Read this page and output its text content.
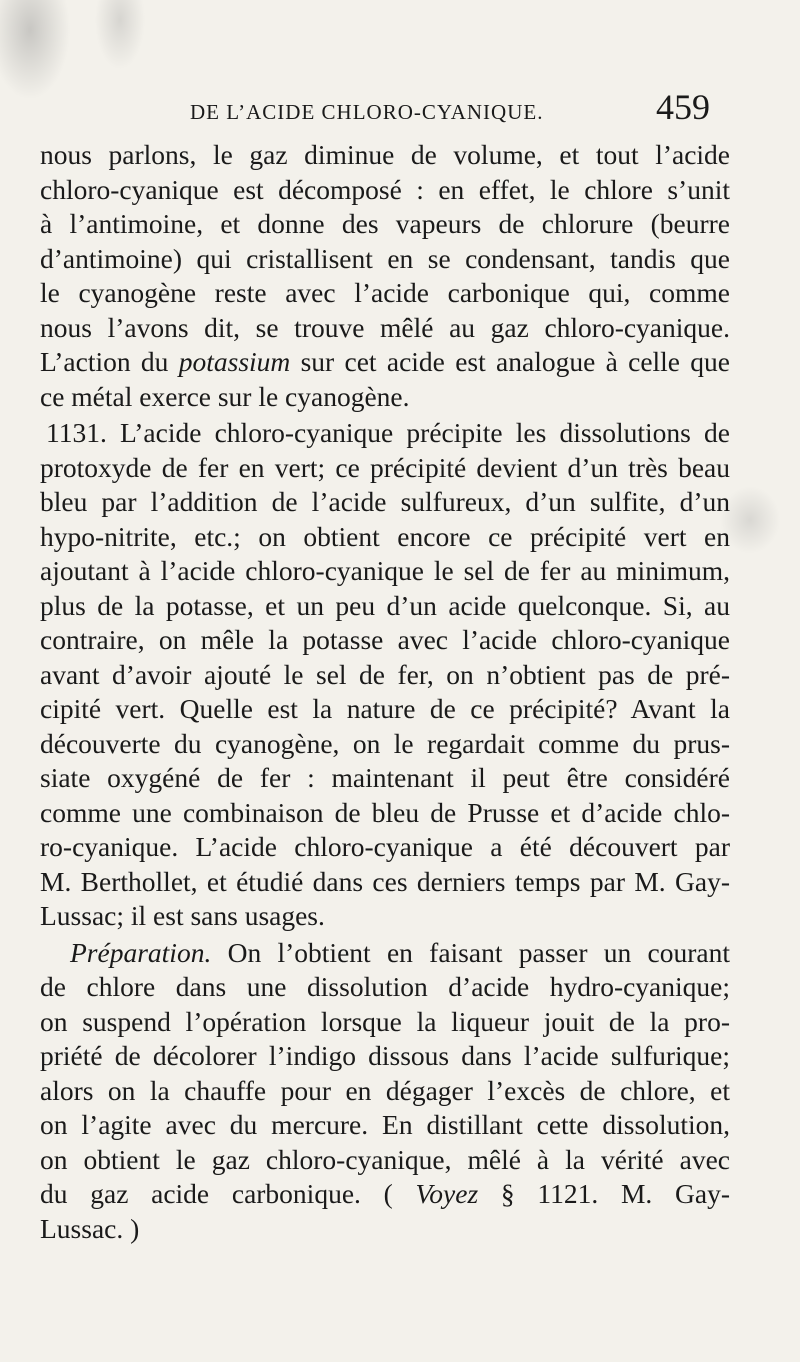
DE L’ACIDE CHLORO-CYANIQUE.	459
nous parlons, le gaz diminue de volume, et tout l’acide
chloro-cyanique est décomposé : en effet, le chlore s’unit
à l’antimoine, et donne des vapeurs de chlorure (beurre
d’antimoine) qui cristallisent en se condensant, tandis que
le cyanogène reste avec l’acide carbonique qui, comme
nous l’avons dit, se trouve mêlé au gaz chloro-cyanique.
L’action du potassium sur cet acide est analogue à celle que
ce métal exerce sur le cyanogène.
1131. L’acide chloro-cyanique précipite les dissolutions de
protoxyde de fer en vert; ce précipité devient d’un très beau
bleu par l’addition de l’acide sulfureux, d’un sulfite, d’un
hypo-nitrite, etc.; on obtient encore ce précipité vert en
ajoutant à l’acide chloro-cyanique le sel de fer au minimum,
plus de la potasse, et un peu d’un acide quelconque. Si, au
contraire, on mêle la potasse avec l’acide chloro-cyanique
avant d’avoir ajouté le sel de fer, on n’obtient pas de pré-
cipité vert. Quelle est la nature de ce précipité? Avant la
découverte du cyanogène, on le regardait comme du prus-
siate oxygéné de fer : maintenant il peut être considéré
comme une combinaison de bleu de Prusse et d’acide chlo-
ro-cyanique. L’acide chloro-cyanique a été découvert par
M. Berthollet, et étudié dans ces derniers temps par M. Gay-
Lussac; il est sans usages.
Préparation. On l’obtient en faisant passer un courant
de chlore dans une dissolution d’acide hydro-cyanique;
on suspend l’opération lorsque la liqueur jouit de la pro-
priété de décolorer l’indigo dissous dans l’acide sulfurique;
alors on la chauffe pour en dégager l’excès de chlore, et
on l’agite avec du mercure. En distillant cette dissolution,
on obtient le gaz chloro-cyanique, mêlé à la vérité avec
du gaz acide carbonique. ( Voyez § 1121. M. Gay-
Lussac. )
